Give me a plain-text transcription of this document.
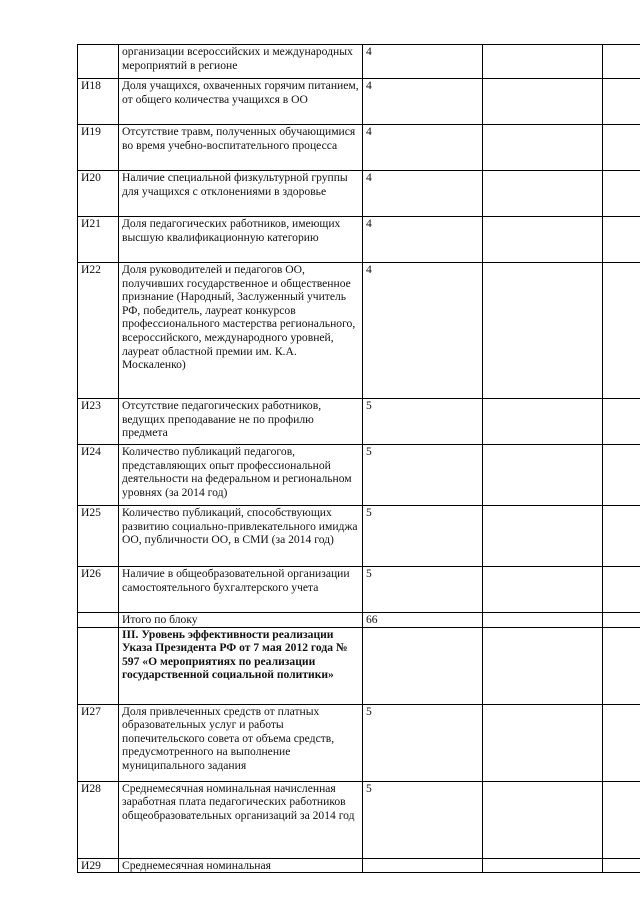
	организации всероссийских и международных мероприятий в регионе	4		
И18	Доля учащихся, охваченных горячим питанием, от общего количества учащихся в ОО	4		
И19	Отсутствие травм, полученных обучающимися во время учебно-воспитательного процесса	4		
И20	Наличие специальной физкультурной группы для учащихся с отклонениями в здоровье	4		
И21	Доля педагогических работников, имеющих высшую квалификационную категорию	4		
И22	Доля руководителей и педагогов ОО, получивших государственное и общественное признание (Народный, Заслуженный учитель РФ, победитель, лауреат конкурсов профессионального мастерства регионального, всероссийского, международного уровней, лауреат областной премии им. К.А. Москаленко)	4		
И23	Отсутствие педагогических работников, ведущих преподавание не по профилю предмета	5		
И24	Количество публикаций педагогов, представляющих опыт профессиональной деятельности на федеральном и региональном уровнях (за 2014 год)	5		
И25	Количество публикаций, способствующих развитию социально-привлекательного имиджа ОО, публичности ОО, в СМИ (за 2014 год)	5		
И26	Наличие в общеобразовательной организации самостоятельного бухгалтерского учета	5		
	Итого по блоку	66		
	III. Уровень эффективности реализации Указа Президента РФ от 7 мая 2012 года № 597 «О мероприятиях по реализации государственной социальной политики»			
И27	Доля привлеченных средств от платных образовательных услуг и работы попечительского совета от объема средств, предусмотренного на выполнение муниципального задания	5		
И28	Среднемесячная номинальная начисленная заработная плата педагогических работников общеобразовательных организаций за 2014 год	5		
И29	Среднемесячная номинальная			
